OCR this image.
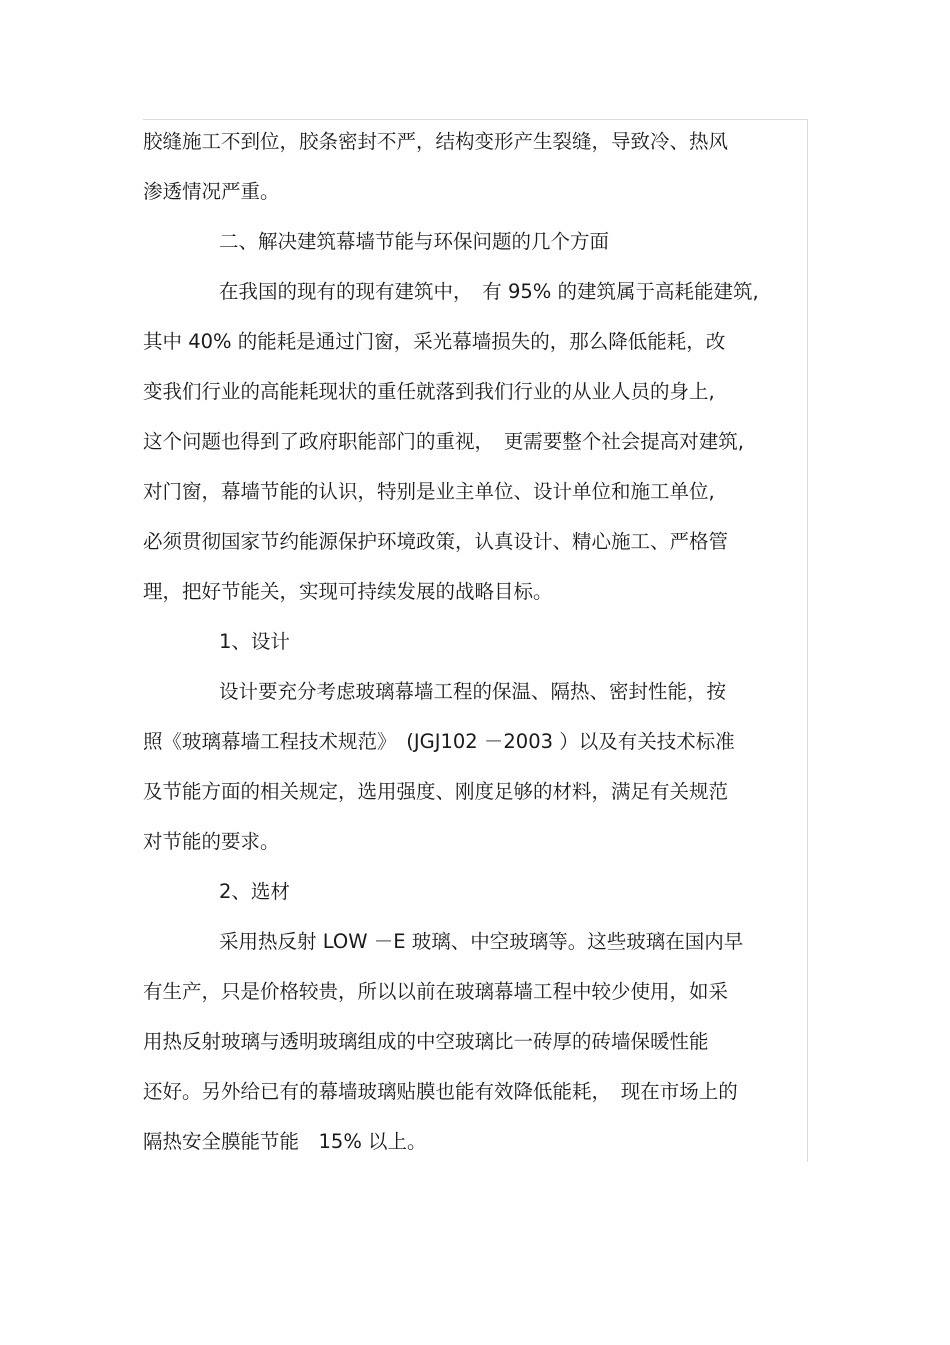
胶缝施工不到位，胶条密封不严，结构变形产生裂缝，导致冷、热风
渗透情况严重。
二、解决建筑幕墙节能与环保问题的几个方面
在我国的现有的现有建筑中，　有 95% 的建筑属于高耗能建筑,
其中 40% 的能耗是通过门窗，采光幕墙损失的，那么降低能耗，改
变我们行业的高能耗现状的重任就落到我们行业的从业人员的身上,
这个问题也得到了政府职能部门的重视，　更需要整个社会提高对建筑,
对门窗，幕墙节能的认识，特别是业主单位、设计单位和施工单位,
必须贯彻国家节约能源保护环境政策，认真设计、精心施工、严格管
理，把好节能关，实现可持续发展的战略目标。
1、设计
设计要充分考虑玻璃幕墙工程的保温、隔热、密封性能，按
照《玻璃幕墙工程技术规范》　(JGJ102 －2003 ）以及有关技术标准
及节能方面的相关规定，选用强度、刚度足够的材料，满足有关规范
对节能的要求。
2、选材
采用热反射 LOW －E 玻璃、中空玻璃等。这些玻璃在国内早
有生产，只是价格较贵，所以以前在玻璃幕墙工程中较少使用，如采
用热反射玻璃与透明玻璃组成的中空玻璃比一砖厚的砖墙保暖性能
还好。另外给已有的幕墙玻璃贴膜也能有效降低能耗，　现在市场上的
隔热安全膜能节能　15% 以上。
